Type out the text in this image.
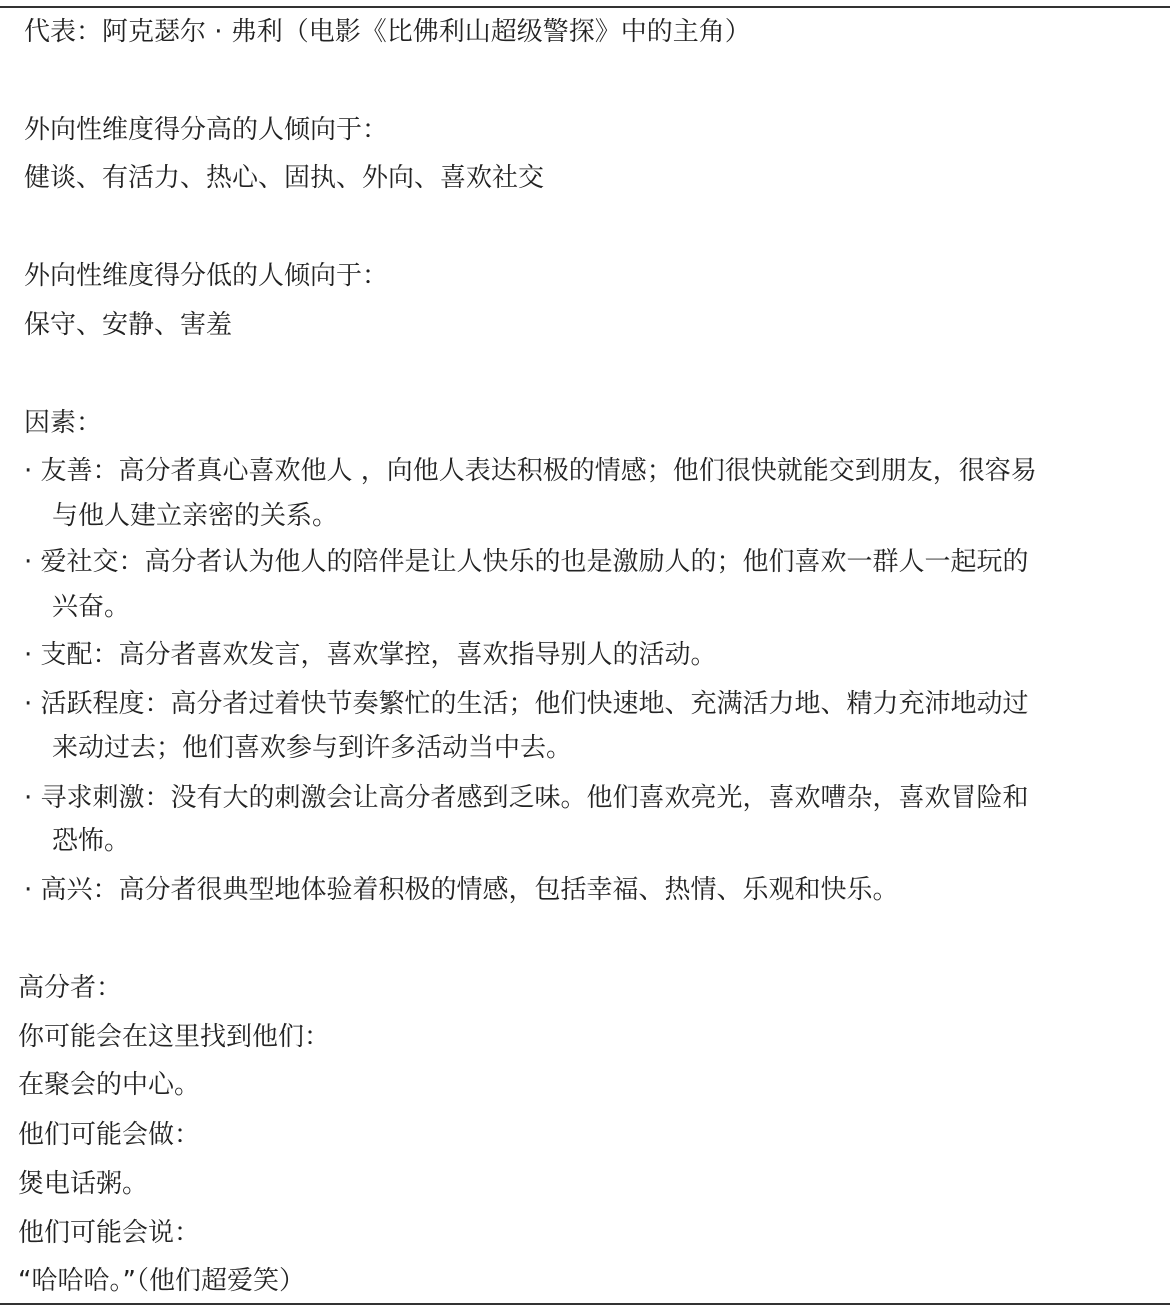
代表：阿克瑟尔 · 弗利（电影《比佛利山超级警探》中的主角）
外向性维度得分高的人倾向于：
健谈、有活力、热心、固执、外向、喜欢社交
外向性维度得分低的人倾向于：
保守、安静、害羞
因素：
· 友善：高分者真心喜欢他人 ，向他人表达积极的情感；他们很快就能交到朋友，很容易
与他人建立亲密的关系。
· 爱社交：高分者认为他人的陪伴是让人快乐的也是激励人的；他们喜欢一群人一起玩的
兴奋。
· 支配：高分者喜欢发言，喜欢掌控，喜欢指导别人的活动。
· 活跃程度：高分者过着快节奏繁忙的生活；他们快速地、充满活力地、精力充沛地动过
来动过去；他们喜欢参与到许多活动当中去。
· 寻求刺激：没有大的刺激会让高分者感到乏味。他们喜欢亮光，喜欢嘈杂，喜欢冒险和
恐怖。
· 高兴：高分者很典型地体验着积极的情感，包括幸福、热情、乐观和快乐。
高分者：
你可能会在这里找到他们：
在聚会的中心。
他们可能会做：
煲电话粥。
他们可能会说：
“哈哈哈。”（他们超爱笑）
